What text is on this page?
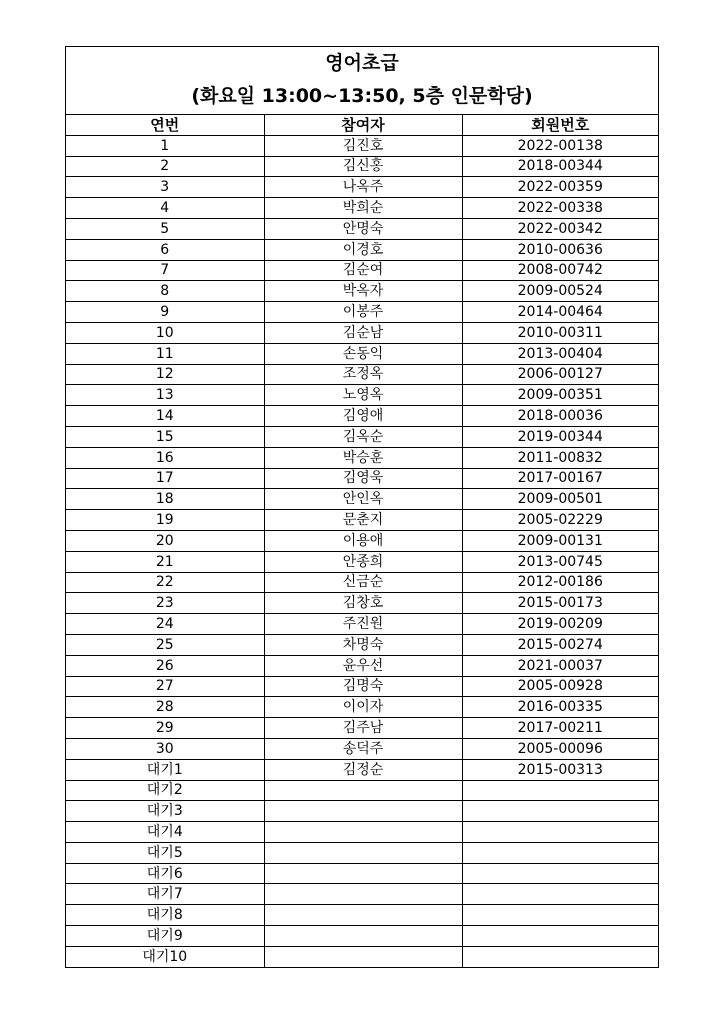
영어초급
(화요일 13:00~13:50, 5층 인문학당)
연번	참여자	회원번호
1	김진호	2022-00138
2	김신홍	2018-00344
3	나옥주	2022-00359
4	박희순	2022-00338
5	안명숙	2022-00342
6	이경호	2010-00636
7	김순여	2008-00742
8	박옥자	2009-00524
9	이봉주	2014-00464
10	김순남	2010-00311
11	손동익	2013-00404
12	조정옥	2006-00127
13	노영옥	2009-00351
14	김영애	2018-00036
15	김옥순	2019-00344
16	박승훈	2011-00832
17	김영욱	2017-00167
18	안인옥	2009-00501
19	문춘지	2005-02229
20	이용애	2009-00131
21	안종희	2013-00745
22	신금순	2012-00186
23	김창호	2015-00173
24	주진원	2019-00209
25	차명숙	2015-00274
26	윤우선	2021-00037
27	김명숙	2005-00928
28	이이자	2016-00335
29	김주남	2017-00211
30	송덕주	2005-00096
대기1	김정순	2015-00313
대기2		
대기3		
대기4		
대기5		
대기6		
대기7		
대기8		
대기9		
대기10		
